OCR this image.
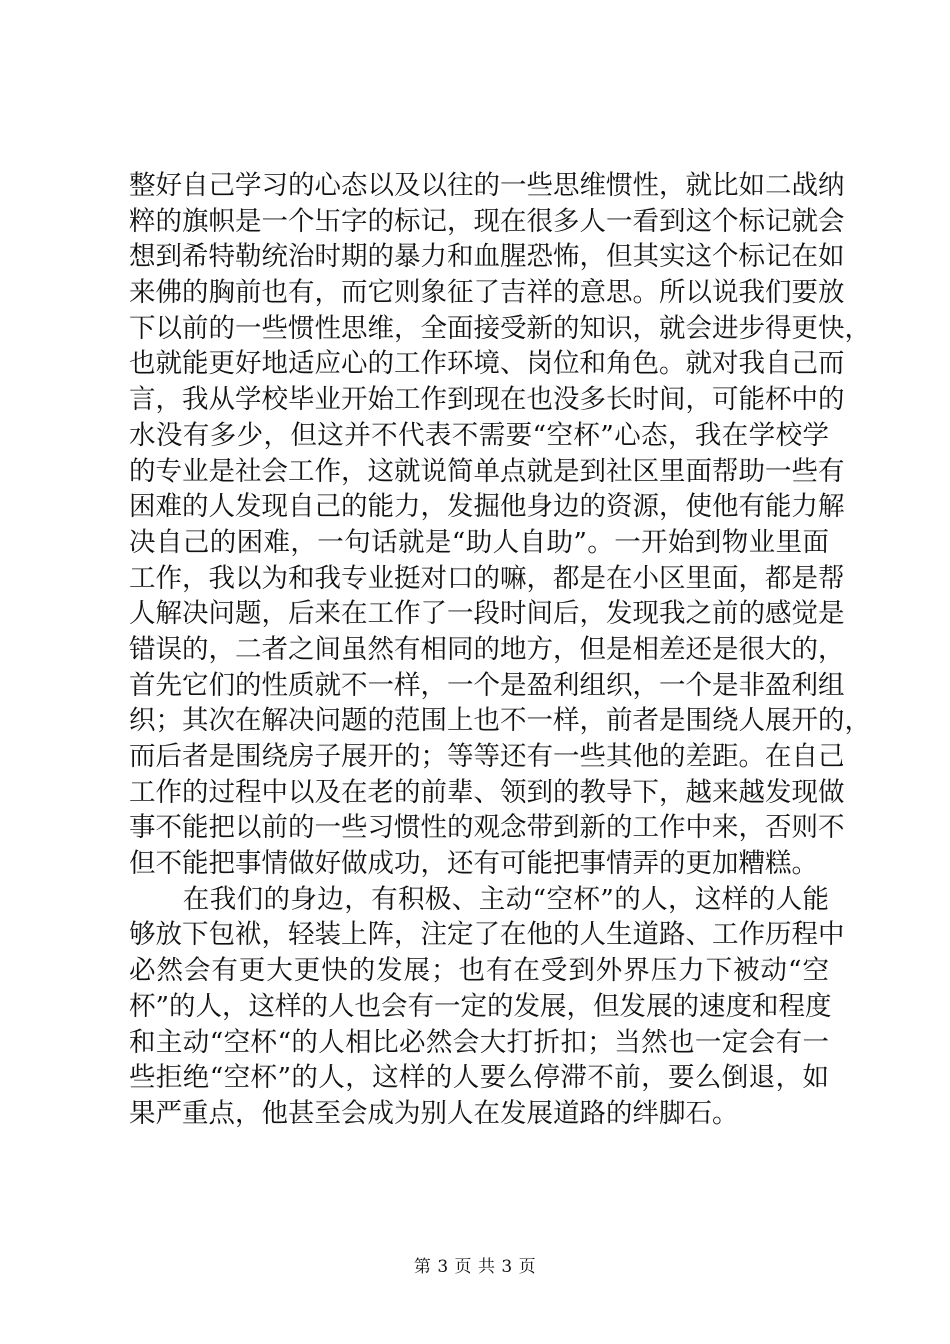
整好自己学习的心态以及以往的一些思维惯性，就比如二战纳
粹的旗帜是一个卐字的标记，现在很多人一看到这个标记就会
想到希特勒统治时期的暴力和血腥恐怖，但其实这个标记在如
来佛的胸前也有，而它则象征了吉祥的意思。所以说我们要放
下以前的一些惯性思维，全面接受新的知识，就会进步得更快，
也就能更好地适应心的工作环境、岗位和角色。就对我自己而
言，我从学校毕业开始工作到现在也没多长时间，可能杯中的
水没有多少，但这并不代表不需要“空杯”心态，我在学校学
的专业是社会工作，这就说简单点就是到社区里面帮助一些有
困难的人发现自己的能力，发掘他身边的资源，使他有能力解
决自己的困难，一句话就是“助人自助”。一开始到物业里面
工作，我以为和我专业挺对口的嘛，都是在小区里面，都是帮
人解决问题，后来在工作了一段时间后，发现我之前的感觉是
错误的，二者之间虽然有相同的地方，但是相差还是很大的，
首先它们的性质就不一样，一个是盈利组织，一个是非盈利组
织；其次在解决问题的范围上也不一样，前者是围绕人展开的，
而后者是围绕房子展开的；等等还有一些其他的差距。在自己
工作的过程中以及在老的前辈、领到的教导下，越来越发现做
事不能把以前的一些习惯性的观念带到新的工作中来，否则不
但不能把事情做好做成功，还有可能把事情弄的更加糟糕。
　　在我们的身边，有积极、主动“空杯”的人，这样的人能
够放下包袱，轻装上阵，注定了在他的人生道路、工作历程中
必然会有更大更快的发展；也有在受到外界压力下被动“空
杯”的人，这样的人也会有一定的发展，但发展的速度和程度
和主动“空杯“的人相比必然会大打折扣；当然也一定会有一
些拒绝“空杯”的人，这样的人要么停滞不前，要么倒退，如
果严重点，他甚至会成为别人在发展道路的绊脚石。
第 3 页 共 3 页
